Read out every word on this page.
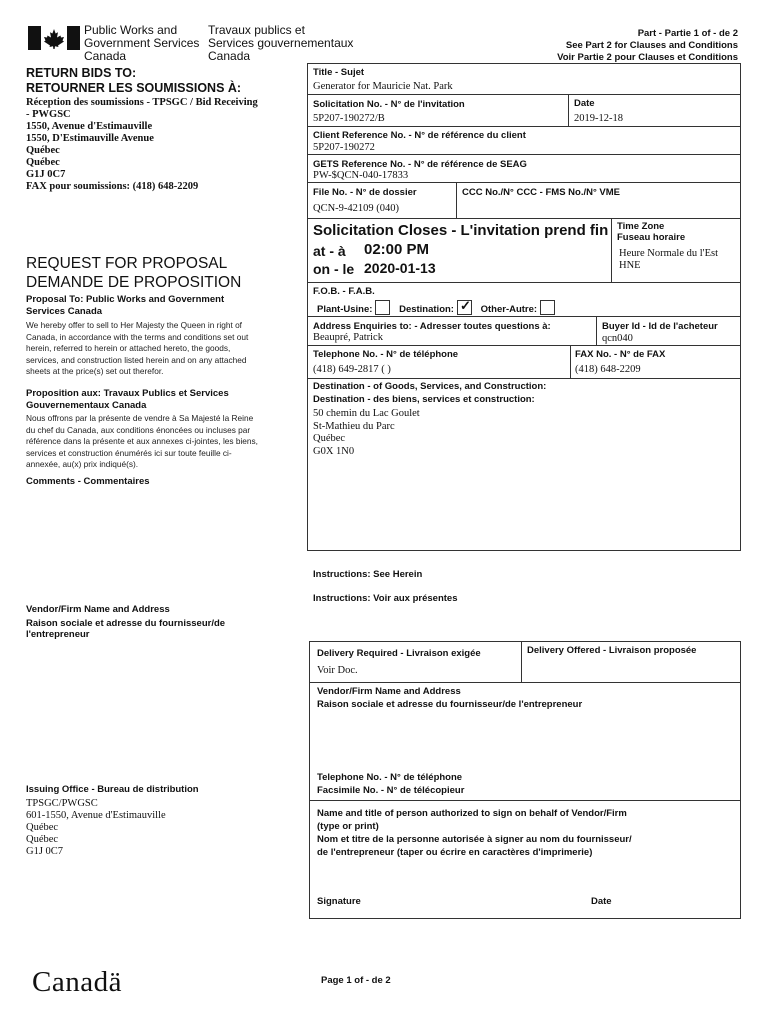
Public Works and
Government Services
Canada
Travaux publics et
Services gouvernementaux
Canada
Part - Partie 1 of - de 2
See Part 2 for Clauses and Conditions
Voir Partie 2 pour Clauses et Conditions
RETURN BIDS TO:
RETOURNER LES SOUMISSIONS À:
Réception des soumissions - TPSGC / Bid Receiving
- PWGSC
1550, Avenue d'Estimauville
1550, D'Estimauville Avenue
Québec
Québec
G1J 0C7
FAX pour soumissions: (418) 648-2209
REQUEST FOR PROPOSAL
DEMANDE DE PROPOSITION
Proposal To: Public Works and Government Services Canada
We hereby offer to sell to Her Majesty the Queen in right of Canada, in accordance with the terms and conditions set out herein, referred to herein or attached hereto, the goods, services, and construction listed herein and on any attached sheets at the price(s) set out therefor.
Proposition aux: Travaux Publics et Services Gouvernementaux Canada
Nous offrons par la présente de vendre à Sa Majesté la Reine du chef du Canada, aux conditions énoncées ou incluses par référence dans la présente et aux annexes ci-jointes, les biens, services et construction énumérés ici sur toute feuille ci-annexée, au(x) prix indiqué(s).
Comments - Commentaires
Vendor/Firm Name and Address
Raison sociale et adresse du fournisseur/de l'entrepreneur
Issuing Office - Bureau de distribution
TPSGC/PWGSC
601-1550, Avenue d'Estimauville
Québec
Québec
G1J 0C7
Title - Sujet
Generator for Mauricie Nat. Park
Solicitation No. - N° de l'invitation
5P207-190272/B
Date
2019-12-18
Client Reference No. - N° de référence du client
5P207-190272
GETS Reference No. - N° de référence de SEAG
PW-$QCN-040-17833
File No. - N° de dossier
QCN-9-42109 (040)
CCC No./N° CCC - FMS No./N° VME
Solicitation Closes - L'invitation prend fin
at - à 02:00 PM
on - le 2020-01-13
Time Zone
Fuseau horaire
Heure Normale du l'Est
HNE
F.O.B. - F.A.B.
Plant-Usine:	Destination: ✓ Other-Autre:
Address Enquiries to: - Adresser toutes questions à:
Beaupré, Patrick
Buyer Id - Id de l'acheteur
qcn040
Telephone No. - N° de téléphone
(418) 649-2817 ( )
FAX No. - N° de FAX
(418) 648-2209
Destination - of Goods, Services, and Construction:
Destination - des biens, services et construction:
50 chemin du Lac Goulet
St-Mathieu du Parc
Québec
G0X 1N0
Instructions: See Herein
Instructions: Voir aux présentes
Delivery Required - Livraison exigée
Voir Doc.
Delivery Offered - Livraison proposée
Vendor/Firm Name and Address
Raison sociale et adresse du fournisseur/de l'entrepreneur
Telephone No. - N° de téléphone
Facsimile No. - N° de télécopieur
Name and title of person authorized to sign on behalf of Vendor/Firm
(type or print)
Nom et titre de la personne autorisée à signer au nom du fournisseur/
de l'entrepreneur (taper ou écrire en caractères d'imprimerie)
Signature	Date
Canadä	Page 1 of - de 2
